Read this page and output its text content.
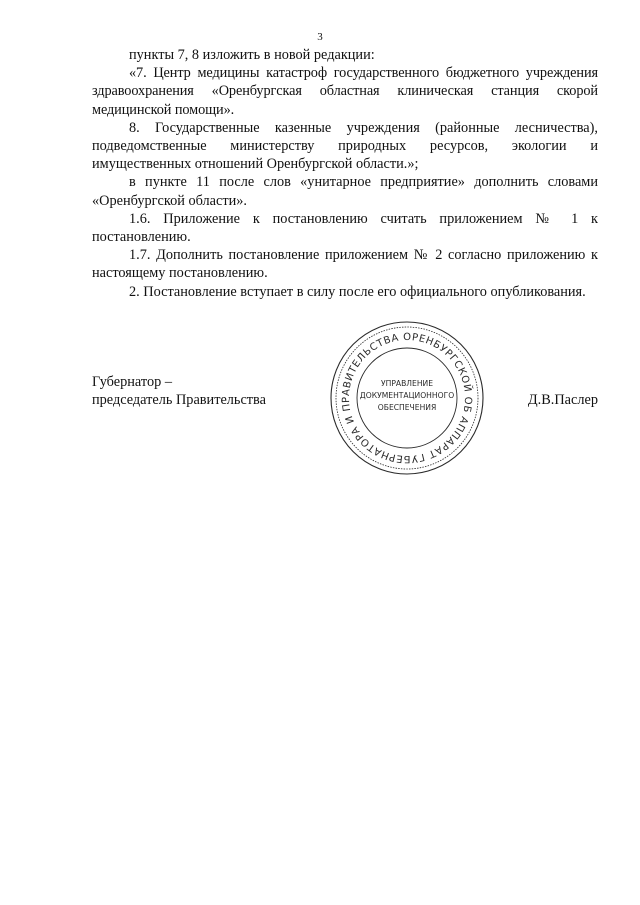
3

пункты 7, 8 изложить в новой редакции:

«7. Центр медицины катастроф государственного бюджетного учреждения здравоохранения «Оренбургская областная клиническая станция скорой медицинской помощи».

8. Государственные казенные учреждения (районные лесничества), подведомственные министерству природных ресурсов, экологии и имущественных отношений Оренбургской области.»;

в пункте 11 после слов «унитарное предприятие» дополнить словами «Оренбургской области».

1.6. Приложение к постановлению считать приложением № 1 к постановлению.

1.7. Дополнить постановление приложением № 2 согласно приложению к настоящему постановлению.

2. Постановление вступает в силу после его официального опубликования.

Губернатор –
председатель Правительства	Д.В.Паслер
АППАРАТ ГУБЕРНАТОРА И ПРАВИТЕЛЬСТВА ОРЕНБУРГСКОЙ ОБЛАСТИ
УПРАВЛЕНИЕ
ДОКУМЕНТАЦИОННОГО
ОБЕСПЕЧЕНИЯ
